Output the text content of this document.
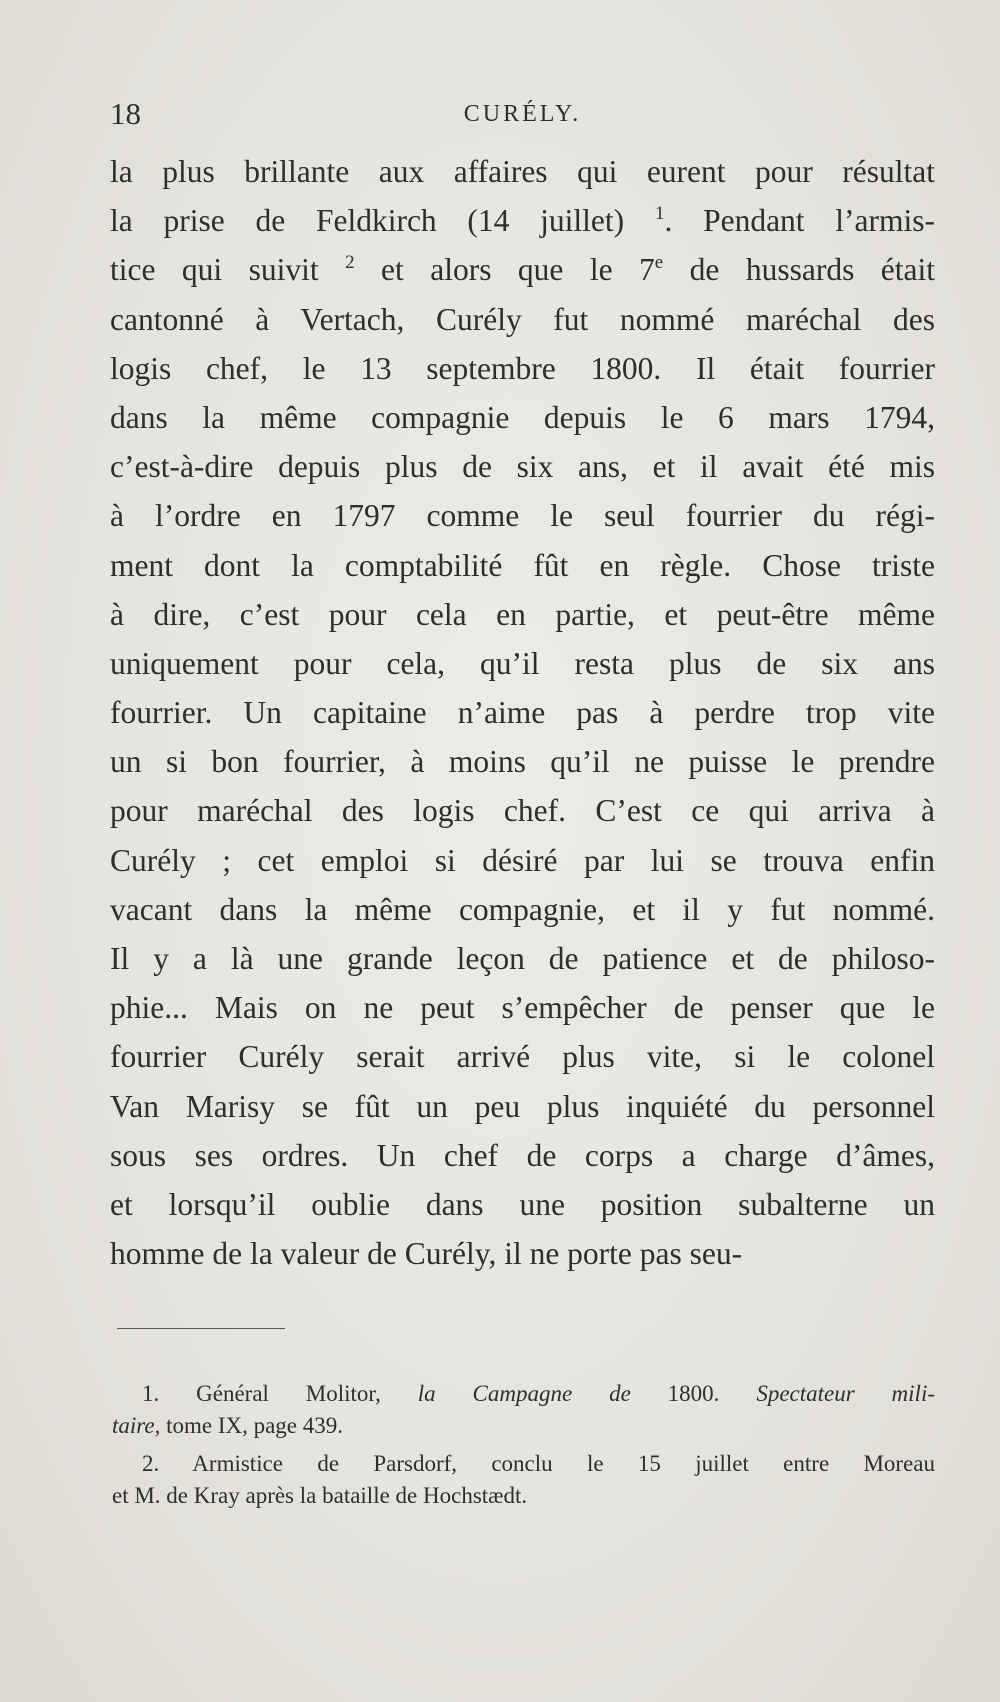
18	CURÉLY.
la plus brillante aux affaires qui eurent pour résultat
la prise de Feldkirch (14 juillet) $^1$. Pendant l’armis-
tice qui suivit $^2$ et alors que le 7e de hussards était
cantonné à Vertach, Curély fut nommé maréchal des
logis chef, le 13 septembre 1800. Il était fourrier
dans la même compagnie depuis le 6 mars 1794,
c’est-à-dire depuis plus de six ans, et il avait été mis
à l’ordre en 1797 comme le seul fourrier du régi-
ment dont la comptabilité fût en règle. Chose triste
à dire, c’est pour cela en partie, et peut-être même
uniquement pour cela, qu’il resta plus de six ans
fourrier. Un capitaine n’aime pas à perdre trop vite
un si bon fourrier, à moins qu’il ne puisse le prendre
pour maréchal des logis chef. C’est ce qui arriva à
Curély ; cet emploi si désiré par lui se trouva enfin
vacant dans la même compagnie, et il y fut nommé.
Il y a là une grande leçon de patience et de philoso-
phie... Mais on ne peut s’empêcher de penser que le
fourrier Curély serait arrivé plus vite, si le colonel
Van Marisy se fût un peu plus inquiété du personnel
sous ses ordres. Un chef de corps a charge d’âmes,
et lorsqu’il oublie dans une position subalterne un
homme de la valeur de Curély, il ne porte pas seu-
1. Général Molitor, la Campagne de 1800. Spectateur mili-
taire, tome IX, page 439.
2. Armistice de Parsdorf, conclu le 15 juillet entre Moreau
et M. de Kray après la bataille de Hochstædt.
